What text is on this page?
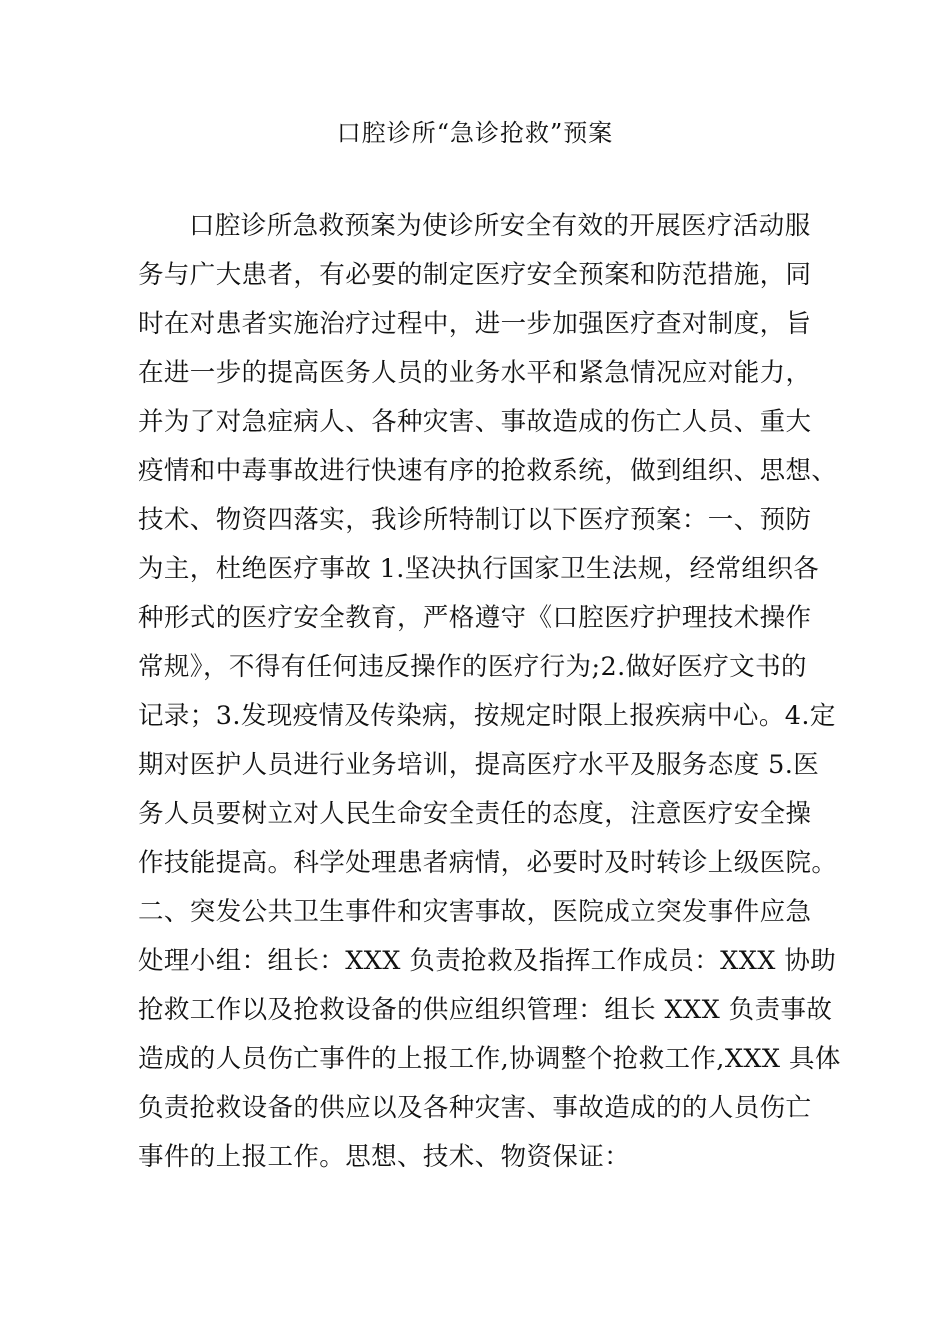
口腔诊所“急诊抢救”预案
口腔诊所急救预案为使诊所安全有效的开展医疗活动服
务与广大患者，有必要的制定医疗安全预案和防范措施，同
时在对患者实施治疗过程中，进一步加强医疗查对制度，旨
在进一步的提高医务人员的业务水平和紧急情况应对能力，
并为了对急症病人、各种灾害、事故造成的伤亡人员、重大
疫情和中毒事故进行快速有序的抢救系统，做到组织、思想、
技术、物资四落实，我诊所特制订以下医疗预案：一、预防
为主，杜绝医疗事故 1.坚决执行国家卫生法规，经常组织各
种形式的医疗安全教育，严格遵守《口腔医疗护理技术操作
常规》，不得有任何违反操作的医疗行为;2.做好医疗文书的
记录；3.发现疫情及传染病，按规定时限上报疾病中心。4.定
期对医护人员进行业务培训，提高医疗水平及服务态度 5.医
务人员要树立对人民生命安全责任的态度，注意医疗安全操
作技能提高。科学处理患者病情，必要时及时转诊上级医院。
二、突发公共卫生事件和灾害事故，医院成立突发事件应急
处理小组：组长：XXX 负责抢救及指挥工作成员：XXX 协助
抢救工作以及抢救设备的供应组织管理：组长 XXX 负责事故
造成的人员伤亡事件的上报工作,协调整个抢救工作,XXX 具体
负责抢救设备的供应以及各种灾害、事故造成的的人员伤亡
事件的上报工作。思想、技术、物资保证：
